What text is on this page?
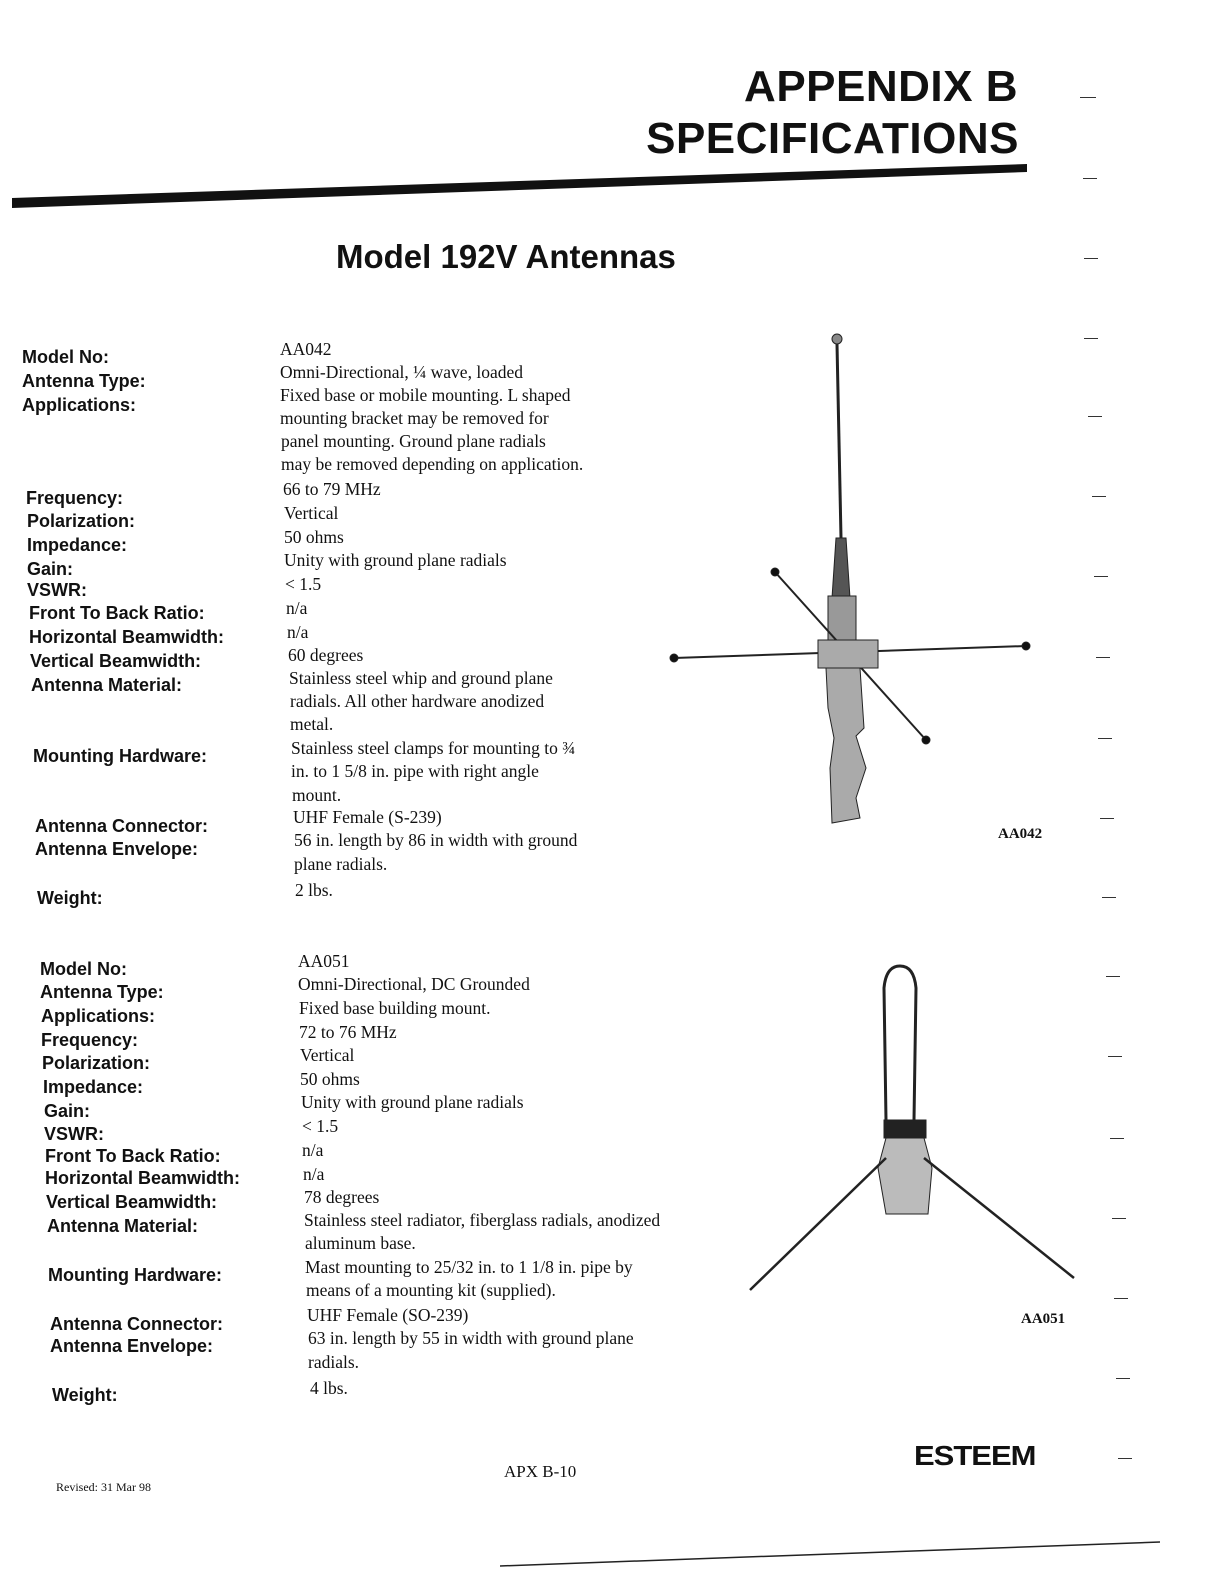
APPENDIX B
SPECIFICATIONS
Model 192V Antennas
Model No:
Antenna Type:
Applications:
Frequency:
Polarization:
Impedance:
Gain:
VSWR:
Front To Back Ratio:
Horizontal Beamwidth:
Vertical Beamwidth:
Antenna Material:
Mounting Hardware:
Antenna Connector:
Antenna Envelope:
Weight:
AA042
Omni-Directional, ¼ wave, loaded
Fixed base or mobile mounting. L shaped
mounting bracket may be removed for
panel mounting. Ground plane radials
may be removed depending on application.
66 to 79 MHz
Vertical
50 ohms
Unity with ground plane radials
< 1.5
n/a
n/a
60 degrees
Stainless steel whip and ground plane
radials. All other hardware anodized
metal.
Stainless steel clamps for mounting to ¾
in. to 1 5/8 in. pipe with right angle
mount.
UHF Female (S-239)
56 in. length by 86 in width with ground
plane radials.
2 lbs.
AA042
Model No:
Antenna Type:
Applications:
Frequency:
Polarization:
Impedance:
Gain:
VSWR:
Front To Back Ratio:
Horizontal Beamwidth:
Vertical Beamwidth:
Antenna Material:
Mounting Hardware:
Antenna Connector:
Antenna Envelope:
Weight:
AA051
Omni-Directional, DC Grounded
Fixed base building mount.
72 to 76 MHz
Vertical
50 ohms
Unity with ground plane radials
< 1.5
n/a
n/a
78 degrees
Stainless steel radiator, fiberglass radials, anodized
aluminum base.
Mast mounting to 25/32 in. to 1 1/8 in. pipe by
means of a mounting kit (supplied).
UHF Female (SO-239)
63 in. length by 55 in width with ground plane
radials.
4 lbs.
AA051
ESTEEM
APX B-10
Revised: 31 Mar 98
